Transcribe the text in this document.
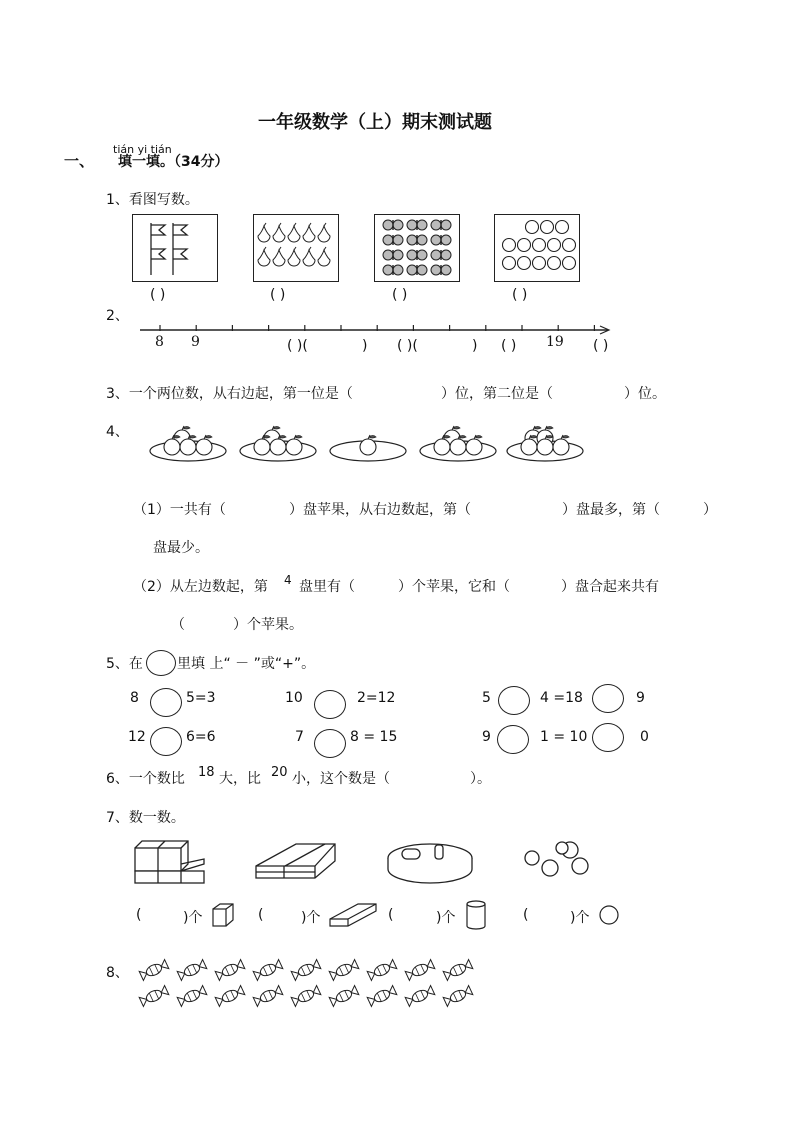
一年级数学（上）期末测试题
一、
tián yi tián
填一填。（34分）
1、看图写数。
( )	( )	( )	( )
2、
8 9	19
( )(	) ( )(	) ( )	( )
3、一个两位数，从右边起，第一位是（	）位，第二位是（	）位。
4、
（1）一共有（	）盘苹果，从右边数起，第（	）盘最多，第（	）
盘最少。
（2）从左边数起，第 4 盘里有（	）个苹果，它和（	）盘合起来共有
（	）个苹果。
5、在 里填 上“ － ”或“+”。
8	5=3	10	2=12	5	4 =18	9
12	6=6	7	8 = 15	9	1 = 10	0
6、一个数比 18 大，比 20 小，这个数是（	）。
7、数一数。
(	)个	(	)个	(	)个	(	)个
8、
